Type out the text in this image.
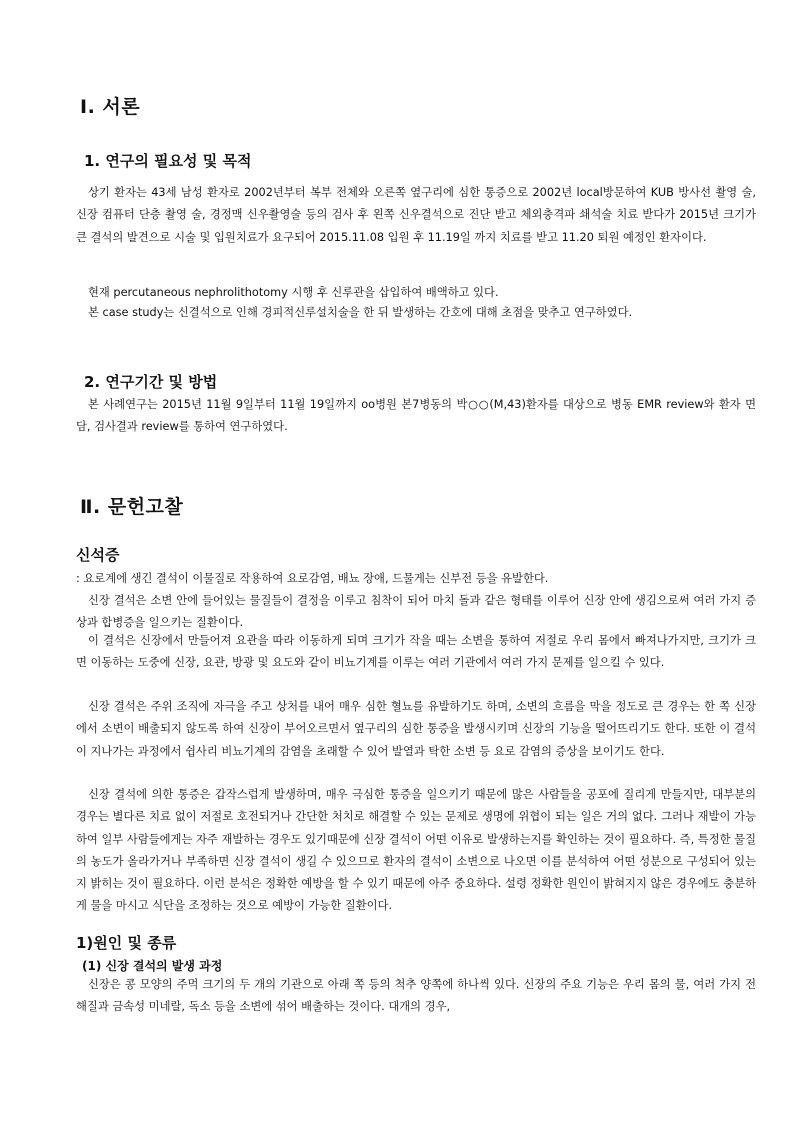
Ⅰ. 서론
1. 연구의 필요성 및 목적

상기 환자는 43세 남성 환자로 2002년부터 복부 전체와 오른쪽 옆구리에 심한 통증으로 2002년 local방문하여 KUB 방사선 촬영 술, 신장 컴퓨터 단층 촬영 술, 경정맥 신우촬영술 등의 검사 후 왼쪽 신우결석으로 진단 받고 체외충격파 쇄석술 치료 받다가 2015년 크기가 큰 결석의 발견으로 시술 및 입원치료가 요구되어 2015.11.08 입원 후 11.19일 까지 치료를 받고 11.20 퇴원 예정인 환자이다.

현재 percutaneous nephrolithotomy 시행 후 신루관을 삽입하여 배액하고 있다.

본 case study는 신결석으로 인해 경피적신루설치술을 한 뒤 발생하는 간호에 대해 초점을 맞추고 연구하였다.

2. 연구기간 및 방법

본 사례연구는 2015년 11월 9일부터 11월 19일까지 oo병원 본7병동의 박○○(M,43)환자를 대상으로 병동 EMR review와 환자 면담, 검사결과 review를 통하여 연구하였다.

Ⅱ. 문헌고찰
신석증

: 요로계에 생긴 결석이 이물질로 작용하여 요로감염, 배뇨 장애, 드물게는 신부전 등을 유발한다.

신장 결석은 소변 안에 들어있는 물질들이 결정을 이루고 침착이 되어 마치 돌과 같은 형태를 이루어 신장 안에 생김으로써 여러 가지 증상과 합병증을 일으키는 질환이다.

이 결석은 신장에서 만들어져 요관을 따라 이동하게 되며 크기가 작을 때는 소변을 통하여 저절로 우리 몸에서 빠져나가지만, 크기가 크면 이동하는 도중에 신장, 요관, 방광 및 요도와 같이 비뇨기계를 이루는 여러 기관에서 여러 가지 문제를 일으킬 수 있다.

신장 결석은 주위 조직에 자극을 주고 상처를 내어 매우 심한 혈뇨를 유발하기도 하며, 소변의 흐름을 막을 정도로 큰 경우는 한 쪽 신장에서 소변이 배출되지 않도록 하여 신장이 부어오르면서 옆구리의 심한 통증을 발생시키며 신장의 기능을 떨어뜨리기도 한다. 또한 이 결석이 지나가는 과정에서 쉽사리 비뇨기계의 감염을 초래할 수 있어 발열과 탁한 소변 등 요로 감염의 증상을 보이기도 한다.

신장 결석에 의한 통증은 갑작스럽게 발생하며, 매우 극심한 통증을 일으키기 때문에 많은 사람들을 공포에 질리게 만들지만, 대부분의 경우는 별다른 치료 없이 저절로 호전되거나 간단한 처치로 해결할 수 있는 문제로 생명에 위협이 되는 일은 거의 없다. 그러나 재발이 가능하여 일부 사람들에게는 자주 재발하는 경우도 있기때문에 신장 결석이 어떤 이유로 발생하는지를 확인하는 것이 필요하다. 즉, 특정한 물질의 농도가 올라가거나 부족하면 신장 결석이 생길 수 있으므로 환자의 결석이 소변으로 나오면 이를 분석하여 어떤 성분으로 구성되어 있는지 밝히는 것이 필요하다. 이런 분석은 정확한 예방을 할 수 있기 때문에 아주 중요하다. 설령 정확한 원인이 밝혀지지 않은 경우에도 충분하게 물을 마시고 식단을 조정하는 것으로 예방이 가능한 질환이다.

1)원인 및 종류
(1) 신장 결석의 발생 과정

신장은 콩 모양의 주먹 크기의 두 개의 기관으로 아래 쪽 등의 척추 양쪽에 하나씩 있다. 신장의 주요 기능은 우리 몸의 물, 여러 가지 전해질과 금속성 미네랄, 독소 등을 소변에 섞어 배출하는 것이다. 대개의 경우,
